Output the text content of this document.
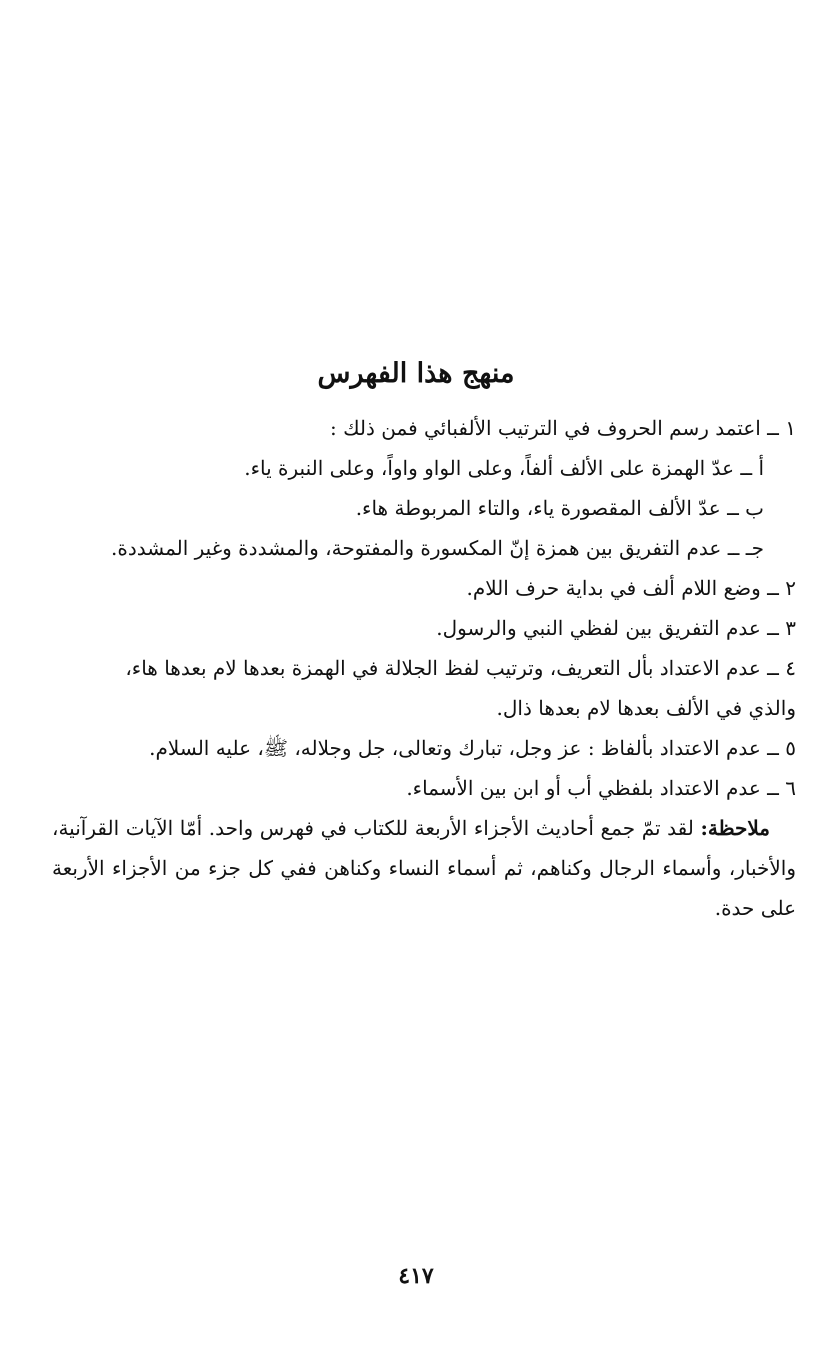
منهج هذا الفهرس

١ ــ اعتمد رسم الحروف في الترتيب الألفبائي فمن ذلك :

أ ــ عدّ الهمزة على الألف ألفاً، وعلى الواو واواً، وعلى النبرة ياء.

ب ــ عدّ الألف المقصورة ياء، والتاء المربوطة هاء.

جـ ــ عدم التفريق بين همزة إنّ المكسورة والمفتوحة، والمشددة وغير المشددة.

٢ ــ وضع اللام ألف في بداية حرف اللام.

٣ ــ عدم التفريق بين لفظي النبي والرسول.

٤ ــ عدم الاعتداد بأل التعريف، وترتيب لفظ الجلالة في الهمزة بعدها لام بعدها هاء،

والذي في الألف بعدها لام بعدها ذال.

٥ ــ عدم الاعتداد بألفاظ : عز وجل، تبارك وتعالى، جل وجلاله، ﷺ، عليه السلام.

٦ ــ عدم الاعتداد بلفظي أب أو ابن بين الأسماء.

ملاحظة: لقد تمّ جمع أحاديث الأجزاء الأربعة للكتاب في فهرس واحد. أمّا الآيات القرآنية، والأخبار، وأسماء الرجال وكناهم، ثم أسماء النساء وكناهن ففي كل جزء من الأجزاء الأربعة على حدة.

٤١٧
